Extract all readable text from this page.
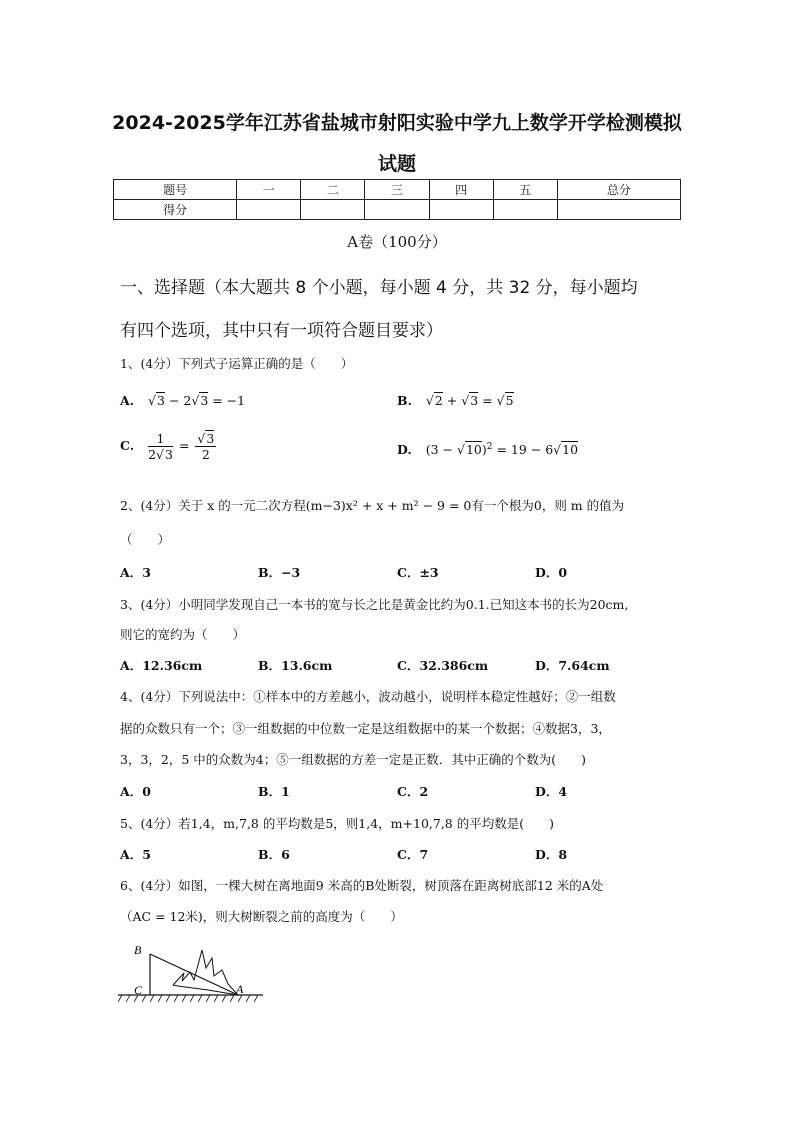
2024-2025学年江苏省盐城市射阳实验中学九上数学开学检测模拟
试题
题号	一	二	三	四	五	总分
得分						
A卷（100分）
一、选择题（本大题共 8 个小题，每小题 4 分，共 32 分，每小题均
有四个选项，其中只有一项符合题目要求）
1、(4分）下列式子运算正确的是（　　）
A. √3 − 2√3 = −1	B. √2 + √3 = √5
C. $\frac{1}{2√3} = \frac{√3}{2}$	D. $(3 - √10)^2 = 19 - 6√10$
2、(4分）关于 x 的一元二次方程(m−3)x² + x + m² − 9 = 0有一个根为0，则 m 的值为
（　　）
A．3	B．−3	C．±3	D．0
3、(4分）小明同学发现自己一本书的宽与长之比是黄金比约为0.1.已知这本书的长为20cm,
则它的宽约为（　　）
A．12.36cm	B．13.6cm	C．32.386cm	D．7.64cm
4、(4分）下列说法中：①样本中的方差越小，波动越小，说明样本稳定性越好；②一组数
据的众数只有一个；③一组数据的中位数一定是这组数据中的某一个数据；④数据3，3，
3，3，2，5 中的众数为4；⑤一组数据的方差一定是正数．其中正确的个数为(　　)
A．0	B．1	C．2	D．4
5、(4分）若1,4，m,7,8 的平均数是5，则1,4，m+10,7,8 的平均数是(　　)
A．5	B．6	C．7	D．8
6、(4分）如图，一棵大树在离地面9 米高的B处断裂，树顶落在距离树底部12 米的A处
（AC = 12米)，则大树断裂之前的高度为（　　）
B
C	A
